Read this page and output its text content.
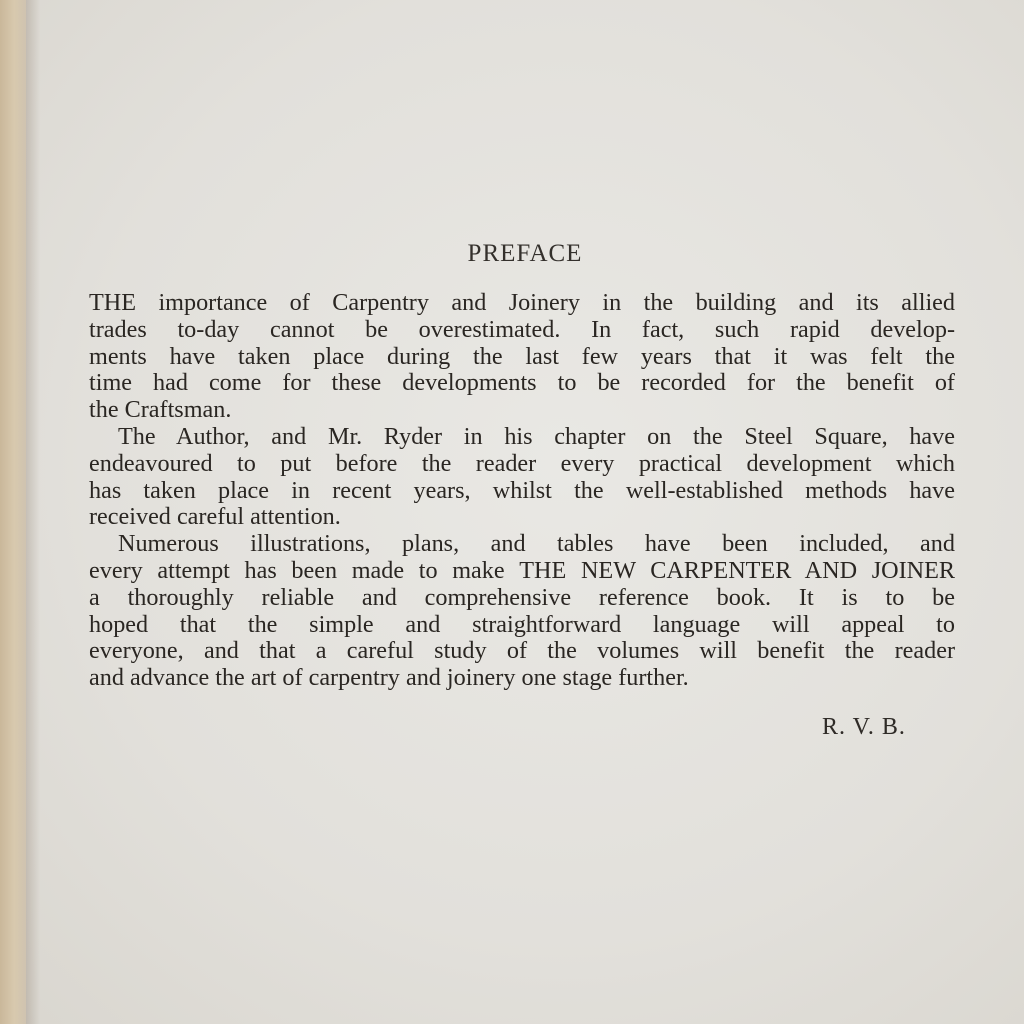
PREFACE
THE importance of Carpentry and Joinery in the building and its allied
trades to-day cannot be overestimated. In fact, such rapid develop-
ments have taken place during the last few years that it was felt the
time had come for these developments to be recorded for the benefit of
the Craftsman.
The Author, and Mr. Ryder in his chapter on the Steel Square, have
endeavoured to put before the reader every practical development which
has taken place in recent years, whilst the well-established methods have
received careful attention.
Numerous illustrations, plans, and tables have been included, and
every attempt has been made to make THE NEW CARPENTER AND JOINER
a thoroughly reliable and comprehensive reference book. It is to be
hoped that the simple and straightforward language will appeal to
everyone, and that a careful study of the volumes will benefit the reader
and advance the art of carpentry and joinery one stage further.
R. V. B.
